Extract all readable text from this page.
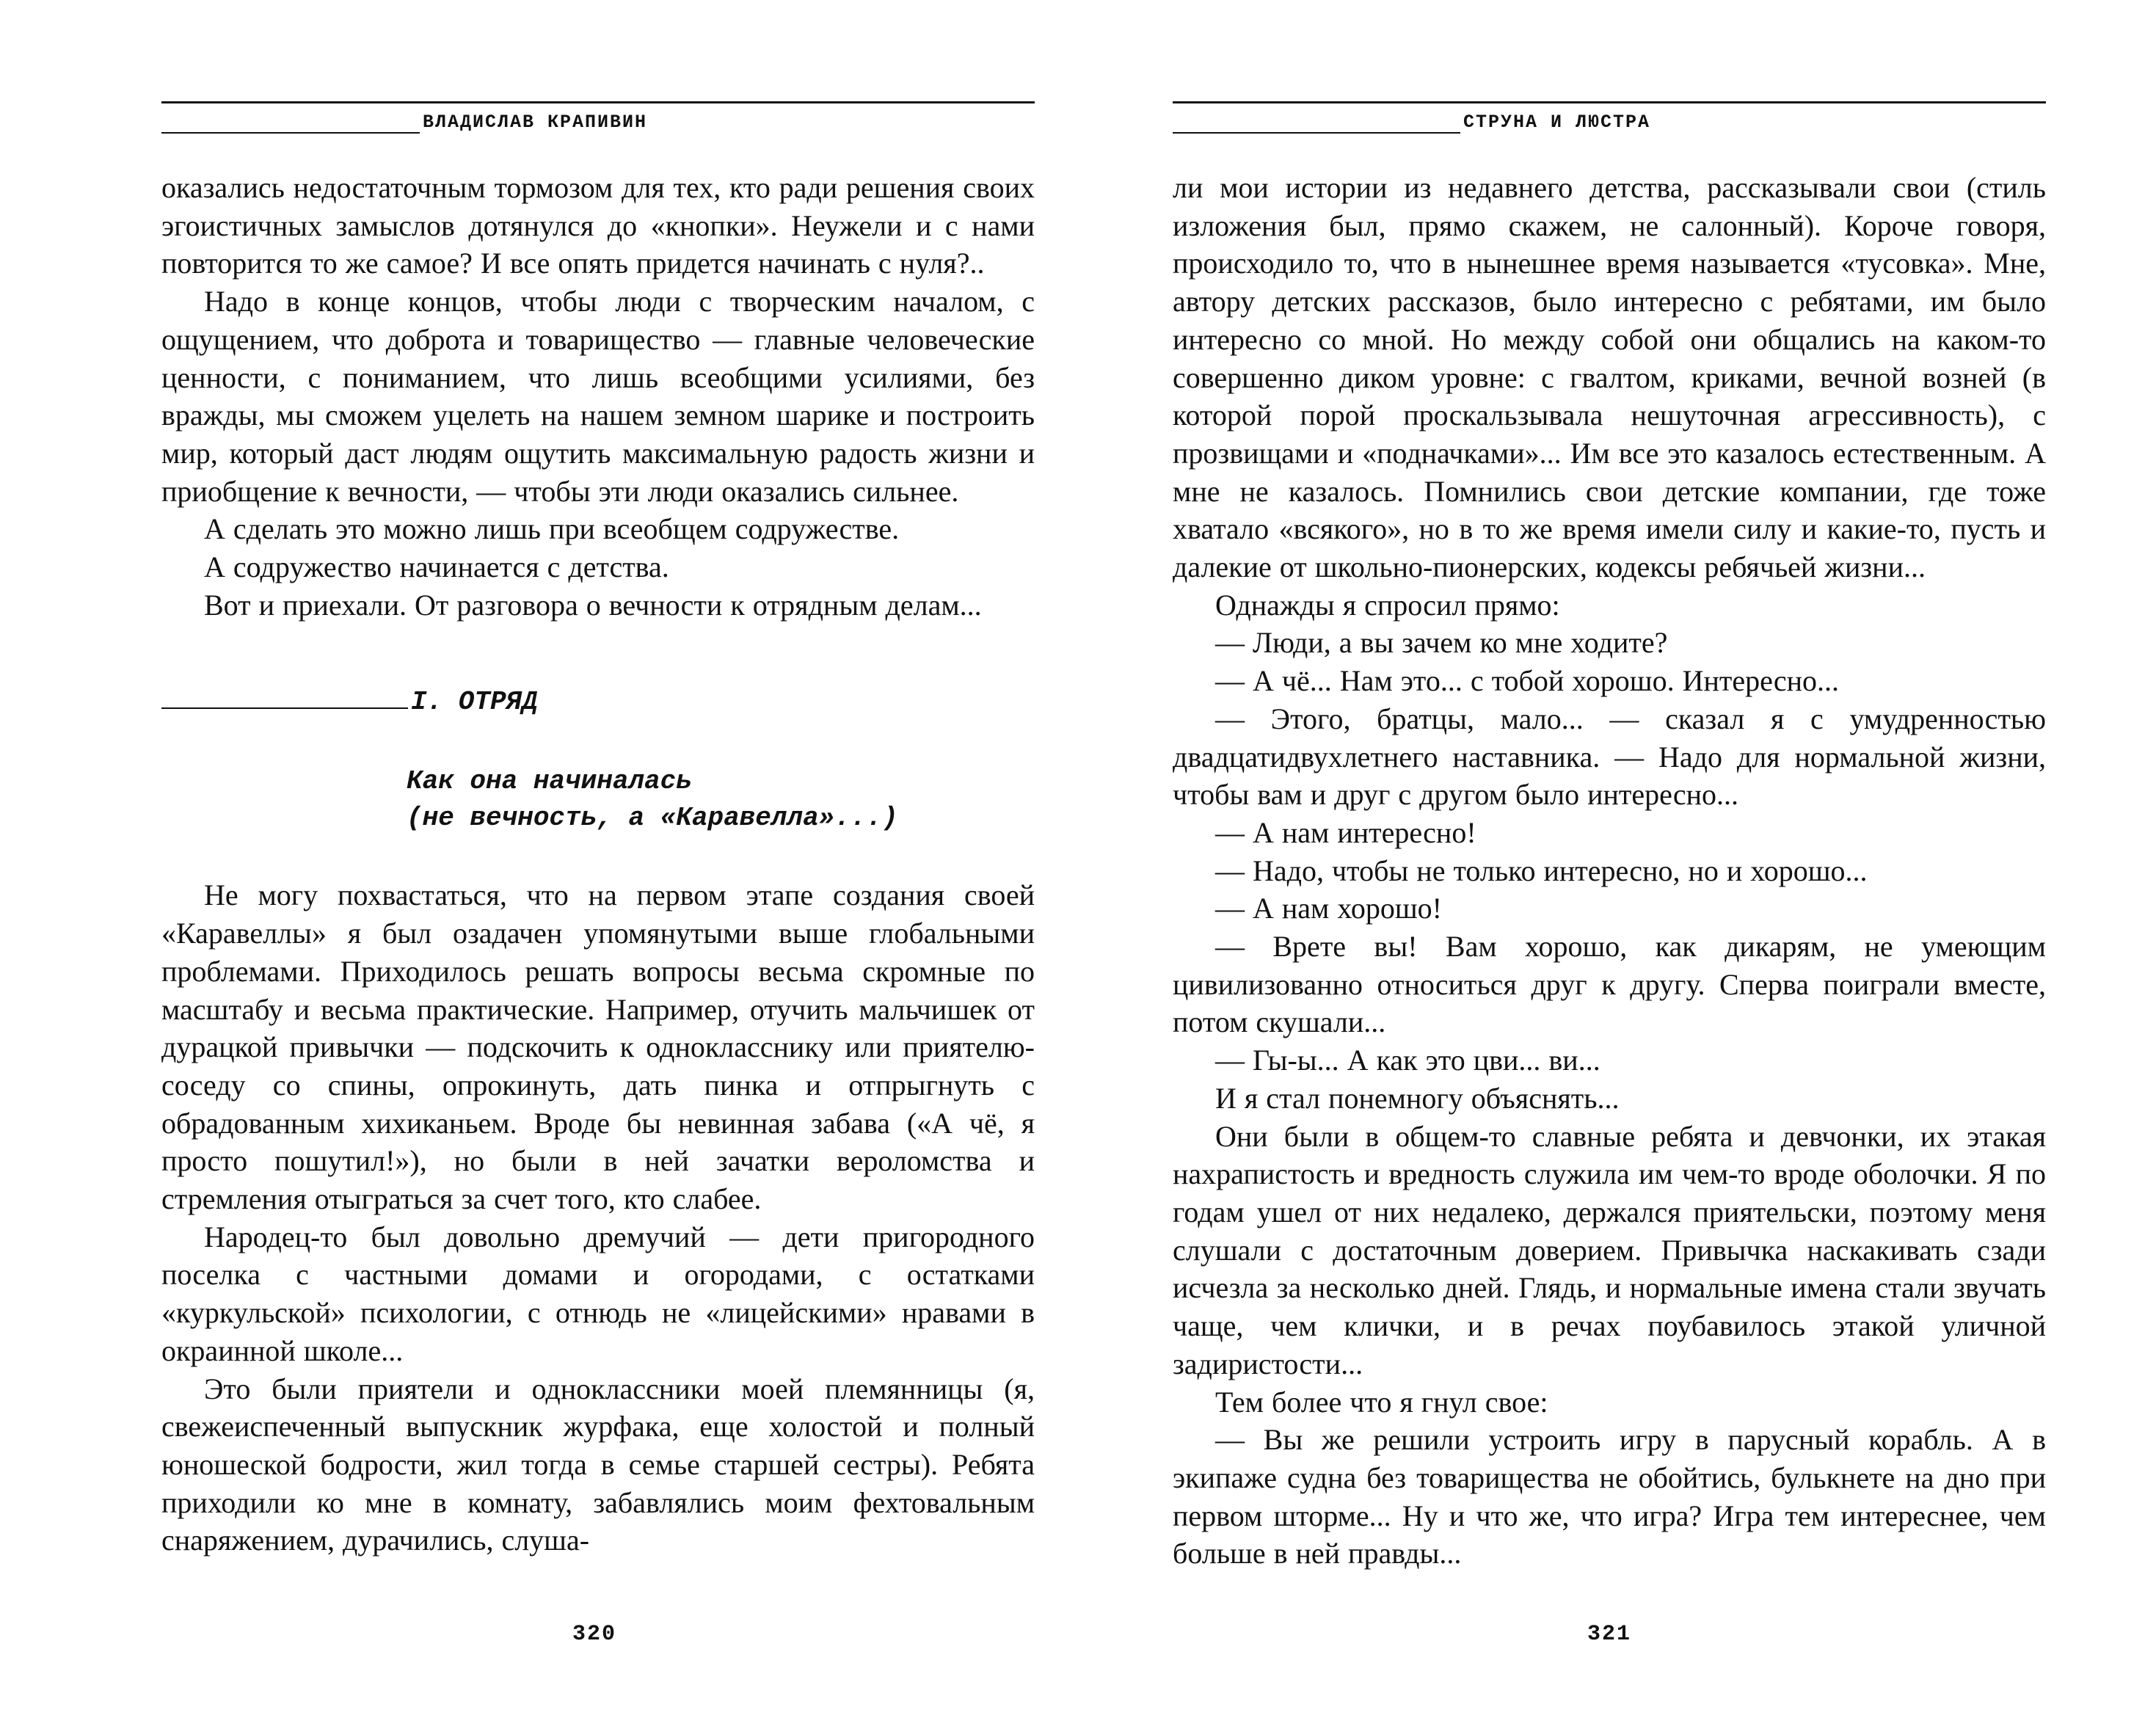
ВЛАДИСЛАВ КРАПИВИН

оказались недостаточным тормозом для тех, кто ради решения своих эгоистичных замыслов дотянулся до «кнопки». Неужели и с нами повторится то же самое? И все опять придется начинать с нуля?..

Надо в конце концов, чтобы люди с творческим началом, с ощущением, что доброта и товарищество — главные человеческие ценности, с пониманием, что лишь всеобщими усилиями, без вражды, мы сможем уцелеть на нашем земном шарике и построить мир, который даст людям ощутить максимальную радость жизни и приобщение к вечности, — чтобы эти люди оказались сильнее.

А сделать это можно лишь при всеобщем содружестве.

А содружество начинается с детства.

Вот и приехали. От разговора о вечности к отрядным делам...

I. ОТРЯД
Как она начиналась
(не вечность, а «Каравелла»...)

Не могу похвастаться, что на первом этапе создания своей «Каравеллы» я был озадачен упомянутыми выше глобальными проблемами. Приходилось решать вопросы весьма скромные по масштабу и весьма практические. Например, отучить мальчишек от дурацкой привычки — подскочить к однокласснику или приятелю-соседу со спины, опрокинуть, дать пинка и отпрыгнуть с обрадованным хихиканьем. Вроде бы невинная забава («А чё, я просто пошутил!»), но были в ней зачатки вероломства и стремления отыграться за счет того, кто слабее.

Народец-то был довольно дремучий — дети пригородного поселка с частными домами и огородами, с остатками «куркульской» психологии, с отнюдь не «лицейскими» нравами в окраинной школе...

Это были приятели и одноклассники моей племянницы (я, свежеиспеченный выпускник журфака, еще холостой и полный юношеской бодрости, жил тогда в семье старшей сестры). Ребята приходили ко мне в комнату, забавлялись моим фехтовальным снаряжением, дурачились, слуша-

320
СТРУНА И ЛЮСТРА

ли мои истории из недавнего детства, рассказывали свои (стиль изложения был, прямо скажем, не салонный). Короче говоря, происходило то, что в нынешнее время называется «тусовка». Мне, автору детских рассказов, было интересно с ребятами, им было интересно со мной. Но между собой они общались на каком-то совершенно диком уровне: с гвалтом, криками, вечной возней (в которой порой проскальзывала нешуточная агрессивность), с прозвищами и «подначками»... Им все это казалось естественным. А мне не казалось. Помнились свои детские компании, где тоже хватало «всякого», но в то же время имели силу и какие-то, пусть и далекие от школьно-пионерских, кодексы ребячьей жизни...

Однажды я спросил прямо:

— Люди, а вы зачем ко мне ходите?

— А чё... Нам это... с тобой хорошо. Интересно...

— Этого, братцы, мало... — сказал я с умудренностью двадцатидвухлетнего наставника. — Надо для нормальной жизни, чтобы вам и друг с другом было интересно...

— А нам интересно!

— Надо, чтобы не только интересно, но и хорошо...

— А нам хорошо!

— Врете вы! Вам хорошо, как дикарям, не умеющим цивилизованно относиться друг к другу. Сперва поиграли вместе, потом скушали...

— Гы-ы... А как это цви... ви...

И я стал понемногу объяснять...

Они были в общем-то славные ребята и девчонки, их этакая нахрапистость и вредность служила им чем-то вроде оболочки. Я по годам ушел от них недалеко, держался приятельски, поэтому меня слушали с достаточным доверием. Привычка наскакивать сзади исчезла за несколько дней. Глядь, и нормальные имена стали звучать чаще, чем клички, и в речах поубавилось этакой уличной задиристости...

Тем более что я гнул свое:

— Вы же решили устроить игру в парусный корабль. А в экипаже судна без товарищества не обойтись, булькнете на дно при первом шторме... Ну и что же, что игра? Игра тем интереснее, чем больше в ней правды...

321
